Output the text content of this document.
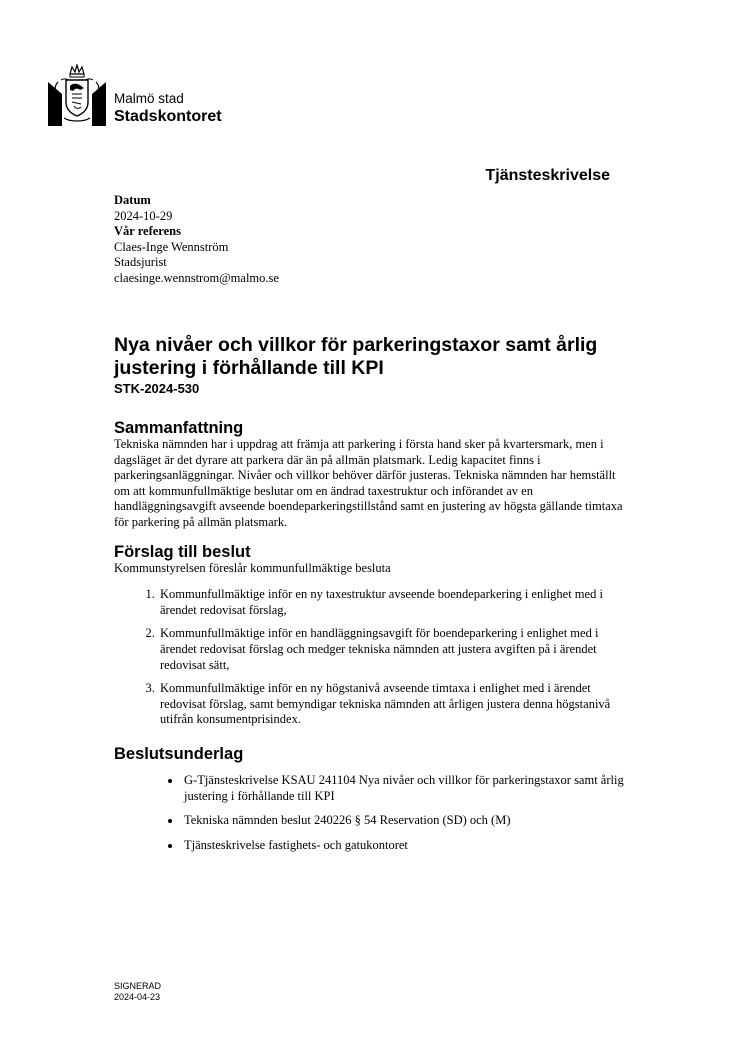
Malmö stad
Stadskontoret
Tjänsteskrivelse
Datum
2024-10-29
Vår referens
Claes-Inge Wennström
Stadsjurist
claesinge.wennstrom@malmo.se
Nya nivåer och villkor för parkeringstaxor samt årlig justering i förhållande till KPI
STK-2024-530
Sammanfattning

Tekniska nämnden har i uppdrag att främja att parkering i första hand sker på kvartersmark, men i dagsläget är det dyrare att parkera där än på allmän platsmark. Ledig kapacitet finns i parkeringsanläggningar. Nivåer och villkor behöver därför justeras. Tekniska nämnden har hemställt om att kommunfullmäktige beslutar om en ändrad taxestruktur och införandet av en handläggningsavgift avseende boendeparkeringstillstånd samt en justering av högsta gällande timtaxa för parkering på allmän platsmark.

Förslag till beslut

Kommunstyrelsen föreslår kommunfullmäktige besluta

1. Kommunfullmäktige inför en ny taxestruktur avseende boendeparkering i enlighet med i ärendet redovisat förslag,
2. Kommunfullmäktige inför en handläggningsavgift för boendeparkering i enlighet med i ärendet redovisat förslag och medger tekniska nämnden att justera avgiften på i ärendet redovisat sätt,
3. Kommunfullmäktige inför en ny högstanivå avseende timtaxa i enlighet med i ärendet redovisat förslag, samt bemyndigar tekniska nämnden att årligen justera denna högstanivå utifrån konsumentprisindex.
Beslutsunderlag
• G-Tjänsteskrivelse KSAU 241104 Nya nivåer och villkor för parkeringstaxor samt årlig justering i förhållande till KPI
• Tekniska nämnden beslut 240226 § 54 Reservation (SD) och (M)
• Tjänsteskrivelse fastighets- och gatukontoret
SIGNERAD
2024-04-23
